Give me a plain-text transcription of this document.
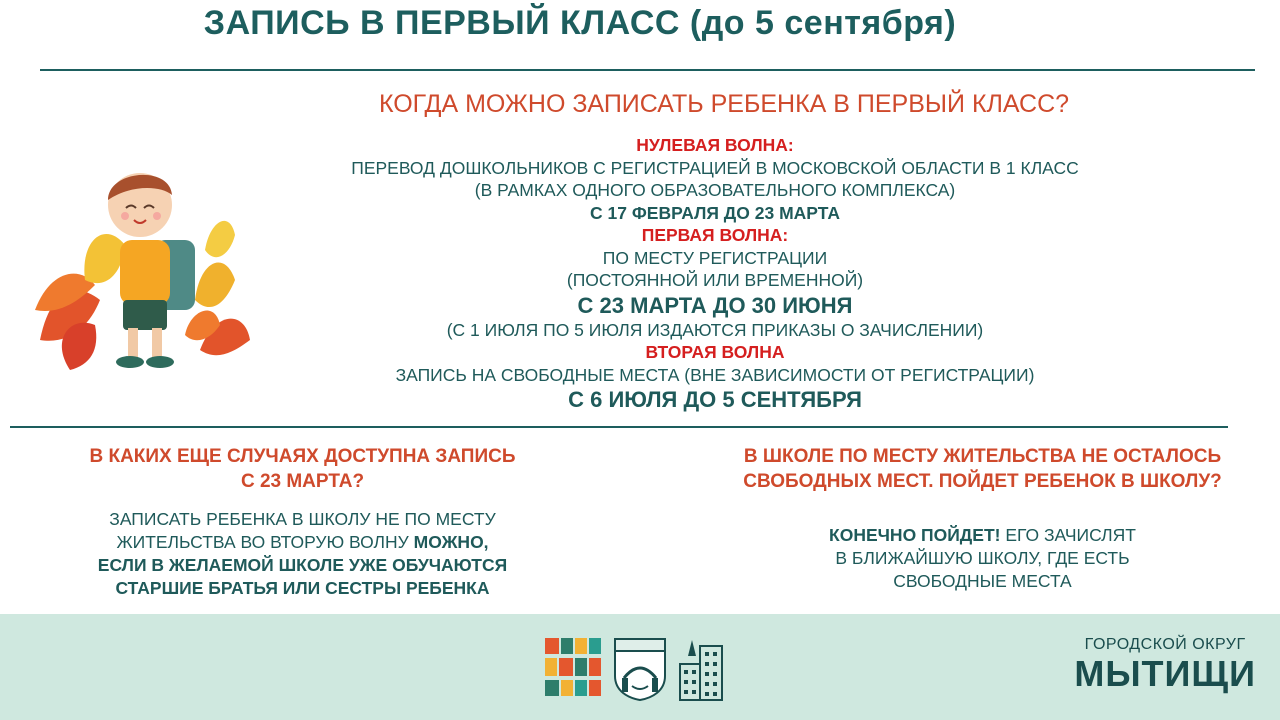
ЗАПИСЬ В ПЕРВЫЙ КЛАСС (до 5 сентября)
КОГДА МОЖНО ЗАПИСАТЬ РЕБЕНКА В ПЕРВЫЙ КЛАСС?
НУЛЕВАЯ ВОЛНА:
ПЕРЕВОД ДОШКОЛЬНИКОВ С РЕГИСТРАЦИЕЙ В МОСКОВСКОЙ ОБЛАСТИ В 1 КЛАСС
(В РАМКАХ ОДНОГО ОБРАЗОВАТЕЛЬНОГО КОМПЛЕКСА)
С 17 ФЕВРАЛЯ ДО 23 МАРТА
ПЕРВАЯ ВОЛНА:
ПО МЕСТУ РЕГИСТРАЦИИ
(ПОСТОЯННОЙ ИЛИ ВРЕМЕННОЙ)
С 23 МАРТА ДО 30 ИЮНЯ
(С 1 ИЮЛЯ ПО 5 ИЮЛЯ ИЗДАЮТСЯ ПРИКАЗЫ О ЗАЧИСЛЕНИИ)
ВТОРАЯ ВОЛНА
ЗАПИСЬ НА СВОБОДНЫЕ МЕСТА (ВНЕ ЗАВИСИМОСТИ ОТ РЕГИСТРАЦИИ)
С 6 ИЮЛЯ ДО 5 СЕНТЯБРЯ
В КАКИХ ЕЩЕ СЛУЧАЯХ ДОСТУПНА ЗАПИСЬ
С 23 МАРТА?
ЗАПИСАТЬ РЕБЕНКА В ШКОЛУ НЕ ПО МЕСТУ
ЖИТЕЛЬСТВА ВО ВТОРУЮ ВОЛНУ МОЖНО,
ЕСЛИ В ЖЕЛАЕМОЙ ШКОЛЕ УЖЕ ОБУЧАЮТСЯ
СТАРШИЕ БРАТЬЯ ИЛИ СЕСТРЫ РЕБЕНКА
В ШКОЛЕ ПО МЕСТУ ЖИТЕЛЬСТВА НЕ ОСТАЛОСЬ
СВОБОДНЫХ МЕСТ. ПОЙДЕТ РЕБЕНОК В ШКОЛУ?
КОНЕЧНО ПОЙДЕТ! ЕГО ЗАЧИСЛЯТ
В БЛИЖАЙШУЮ ШКОЛУ, ГДЕ ЕСТЬ
СВОБОДНЫЕ МЕСТА
ГОРОДСКОЙ ОКРУГ
МЫТИЩИ
